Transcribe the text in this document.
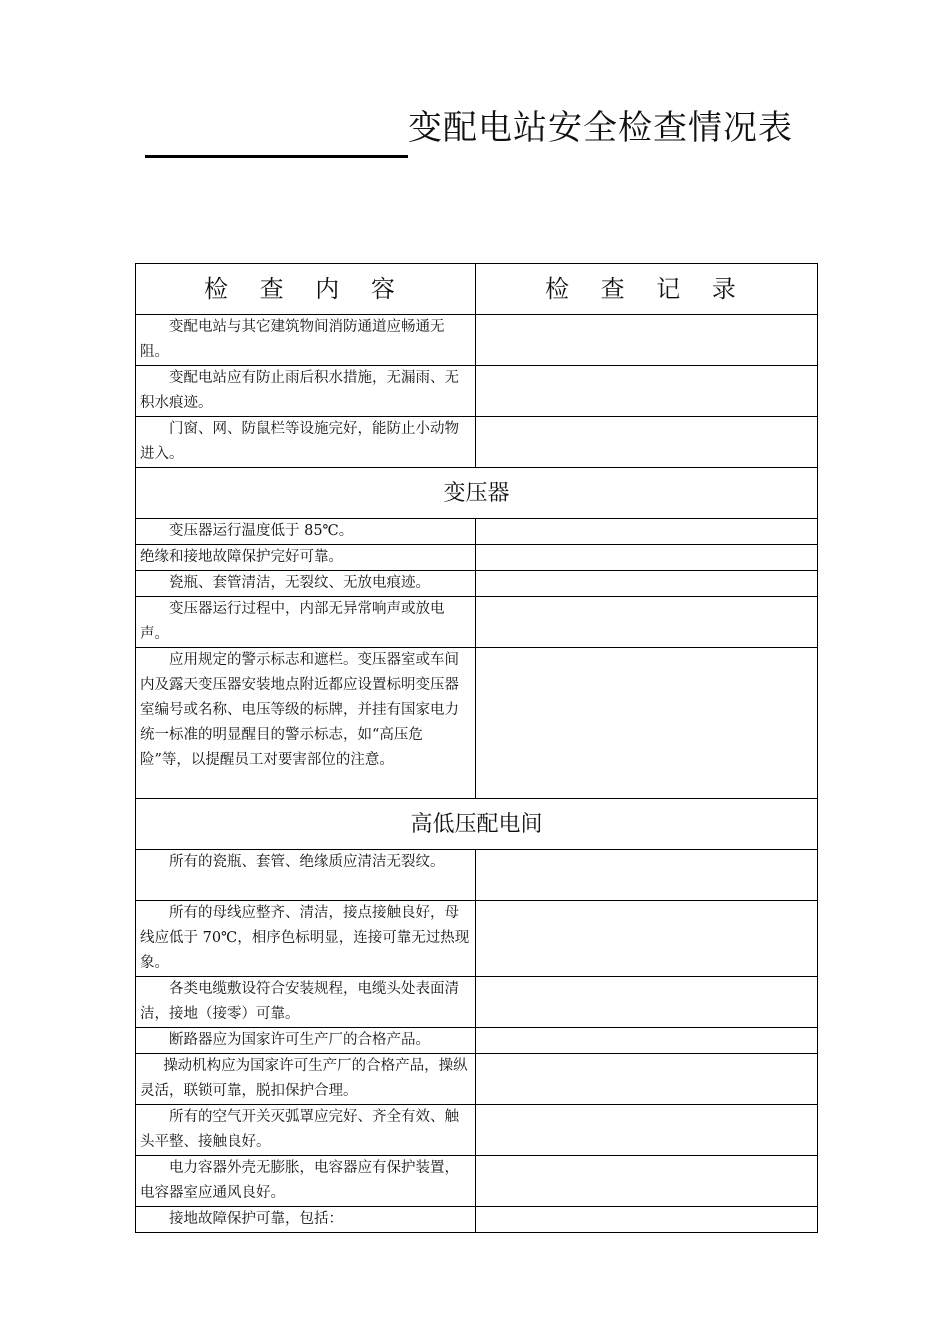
变配电站安全检查情况表
检 查 内 容	检 查 记 录
变配电站与其它建筑物间消防通道应畅通无阻。	
变配电站应有防止雨后积水措施，无漏雨、无积水痕迹。	
门窗、网、防鼠栏等设施完好，能防止小动物进入。	
变压器	
变压器运行温度低于 85℃。	
绝缘和接地故障保护完好可靠。	
瓷瓶、套管清洁，无裂纹、无放电痕迹。	
变压器运行过程中，内部无异常响声或放电声。	
应用规定的警示标志和遮栏。变压器室或车间内及露天变压器安装地点附近都应设置标明变压器室编号或名称、电压等级的标牌，并挂有国家电力统一标准的明显醒目的警示标志，如“高压危险”等，以提醒员工对要害部位的注意。	
高低压配电间	
所有的瓷瓶、套管、绝缘质应清洁无裂纹。	
所有的母线应整齐、清洁，接点接触良好，母线应低于 70℃，相序色标明显，连接可靠无过热现象。	
各类电缆敷设符合安装规程，电缆头处表面清洁，接地（接零）可靠。	
断路器应为国家许可生产厂的合格产品。	
操动机构应为国家许可生产厂的合格产品，操纵灵活，联锁可靠，脱扣保护合理。	
所有的空气开关灭弧罩应完好、齐全有效、触头平整、接触良好。	
电力容器外壳无膨胀，电容器应有保护装置，电容器室应通风良好。	
接地故障保护可靠，包括：	
